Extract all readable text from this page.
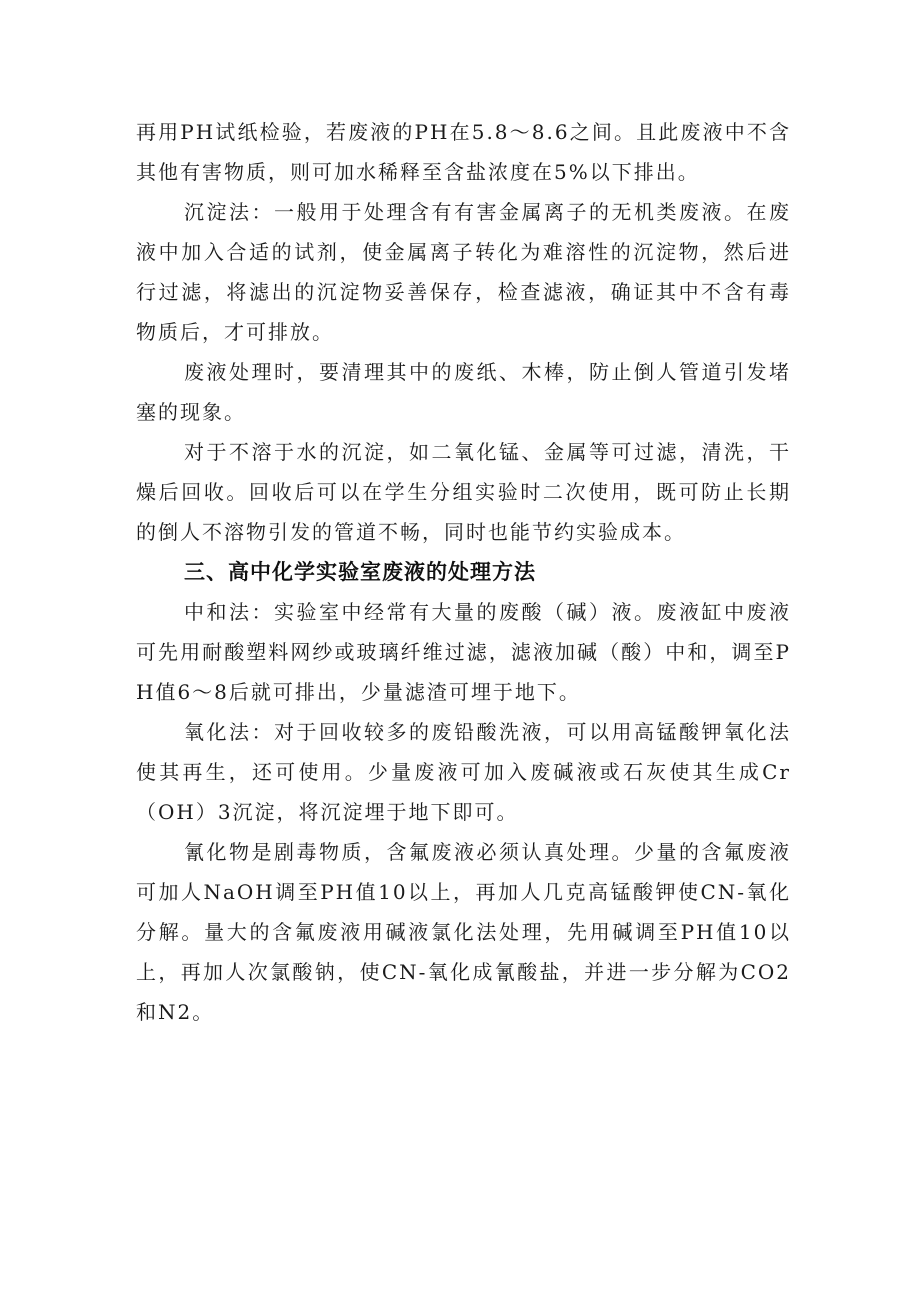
再用PH试纸检验，若废液的PH在5.8～8.6之间。且此废液中不含其他有害物质，则可加水稀释至含盐浓度在5%以下排出。

沉淀法：一般用于处理含有有害金属离子的无机类废液。在废液中加入合适的试剂，使金属离子转化为难溶性的沉淀物，然后进行过滤，将滤出的沉淀物妥善保存，检查滤液，确证其中不含有毒物质后，才可排放。

废液处理时，要清理其中的废纸、木棒，防止倒人管道引发堵塞的现象。

对于不溶于水的沉淀，如二氧化锰、金属等可过滤，清洗，干燥后回收。回收后可以在学生分组实验时二次使用，既可防止长期的倒人不溶物引发的管道不畅，同时也能节约实验成本。

三、高中化学实验室废液的处理方法

中和法：实验室中经常有大量的废酸（碱）液。废液缸中废液可先用耐酸塑料网纱或玻璃纤维过滤，滤液加碱（酸）中和，调至PH值6～8后就可排出，少量滤渣可埋于地下。

氧化法：对于回收较多的废铅酸洗液，可以用高锰酸钾氧化法使其再生，还可使用。少量废液可加入废碱液或石灰使其生成Cr（OH）3沉淀，将沉淀埋于地下即可。

氰化物是剧毒物质，含氟废液必须认真处理。少量的含氟废液可加人NaOH调至PH值10以上，再加人几克高锰酸钾使CN-氧化分解。量大的含氟废液用碱液氯化法处理，先用碱调至PH值10以上，再加人次氯酸钠，使CN-氧化成氰酸盐，并进一步分解为CO2和N2。
